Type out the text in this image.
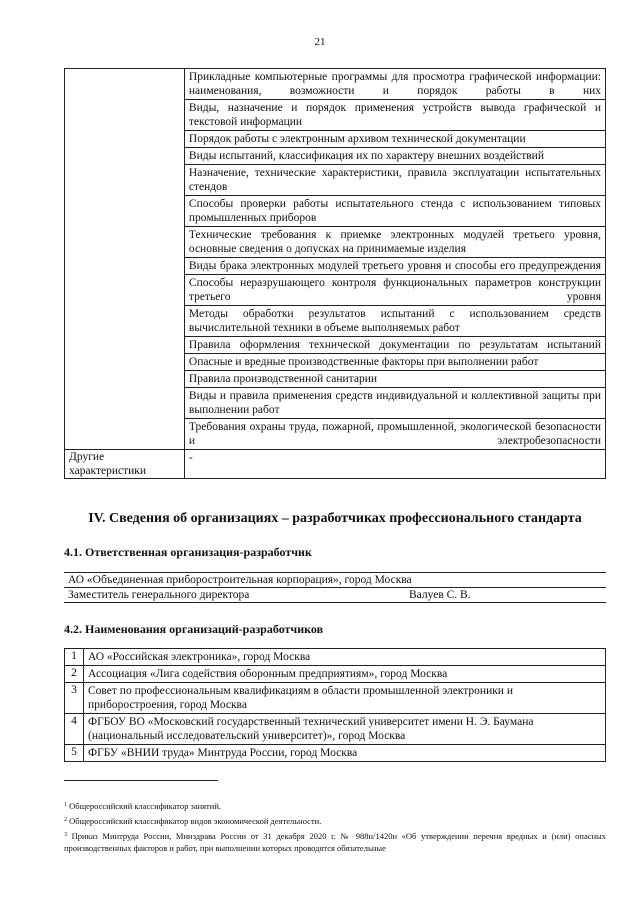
21
	Прикладные компьютерные программы для просмотра графической информации: наименования, возможности и порядок работы в них
	Виды, назначение и порядок применения устройств вывода графической и текстовой информации
	Порядок работы с электронным архивом технической документации
	Виды испытаний, классификация их по характеру внешних воздействий
	Назначение, технические характеристики, правила эксплуатации испытательных стендов
	Способы проверки работы испытательного стенда с использованием типовых промышленных приборов
	Технические требования к приемке электронных модулей третьего уровня, основные сведения о допусках на принимаемые изделия
	Виды брака электронных модулей третьего уровня и способы его предупреждения
	Способы неразрушающего контроля функциональных параметров конструкции третьего уровня
	Методы обработки результатов испытаний с использованием средств вычислительной техники в объеме выполняемых работ
	Правила оформления технической документации по результатам испытаний
	Опасные и вредные производственные факторы при выполнении работ
	Правила производственной санитарии
	Виды и правила применения средств индивидуальной и коллективной защиты при выполнении работ
	Требования охраны труда, пожарной, промышленной, экологической безопасности и электробезопасности
Другие характеристики	-
IV. Сведения об организациях – разработчиках профессионального стандарта
4.1. Ответственная организация-разработчик
АО «Объединенная приборостроительная корпорация», город Москва
Заместитель генерального директора	Валуев С. В.
4.2. Наименования организаций-разработчиков
1	АО «Российская электроника», город Москва
2	Ассоциация «Лига содействия оборонным предприятиям», город Москва
3	Совет по профессиональным квалификациям в области промышленной электроники и приборостроения, город Москва
4	ФГБОУ ВО «Московский государственный технический университет имени Н. Э. Баумана (национальный исследовательский университет)», город Москва
5	ФГБУ «ВНИИ труда» Минтруда России, город Москва

$^1$ Общероссийский классификатор занятий.

$^2$ Общероссийский классификатор видов экономической деятельности.

$^3$ Приказ Минтруда России, Минздрава России от 31 декабря 2020 г. № 988н/1420н «Об утверждении перечня вредных и (или) опасных производственных факторов и работ, при выполнении которых проводятся обязательные
